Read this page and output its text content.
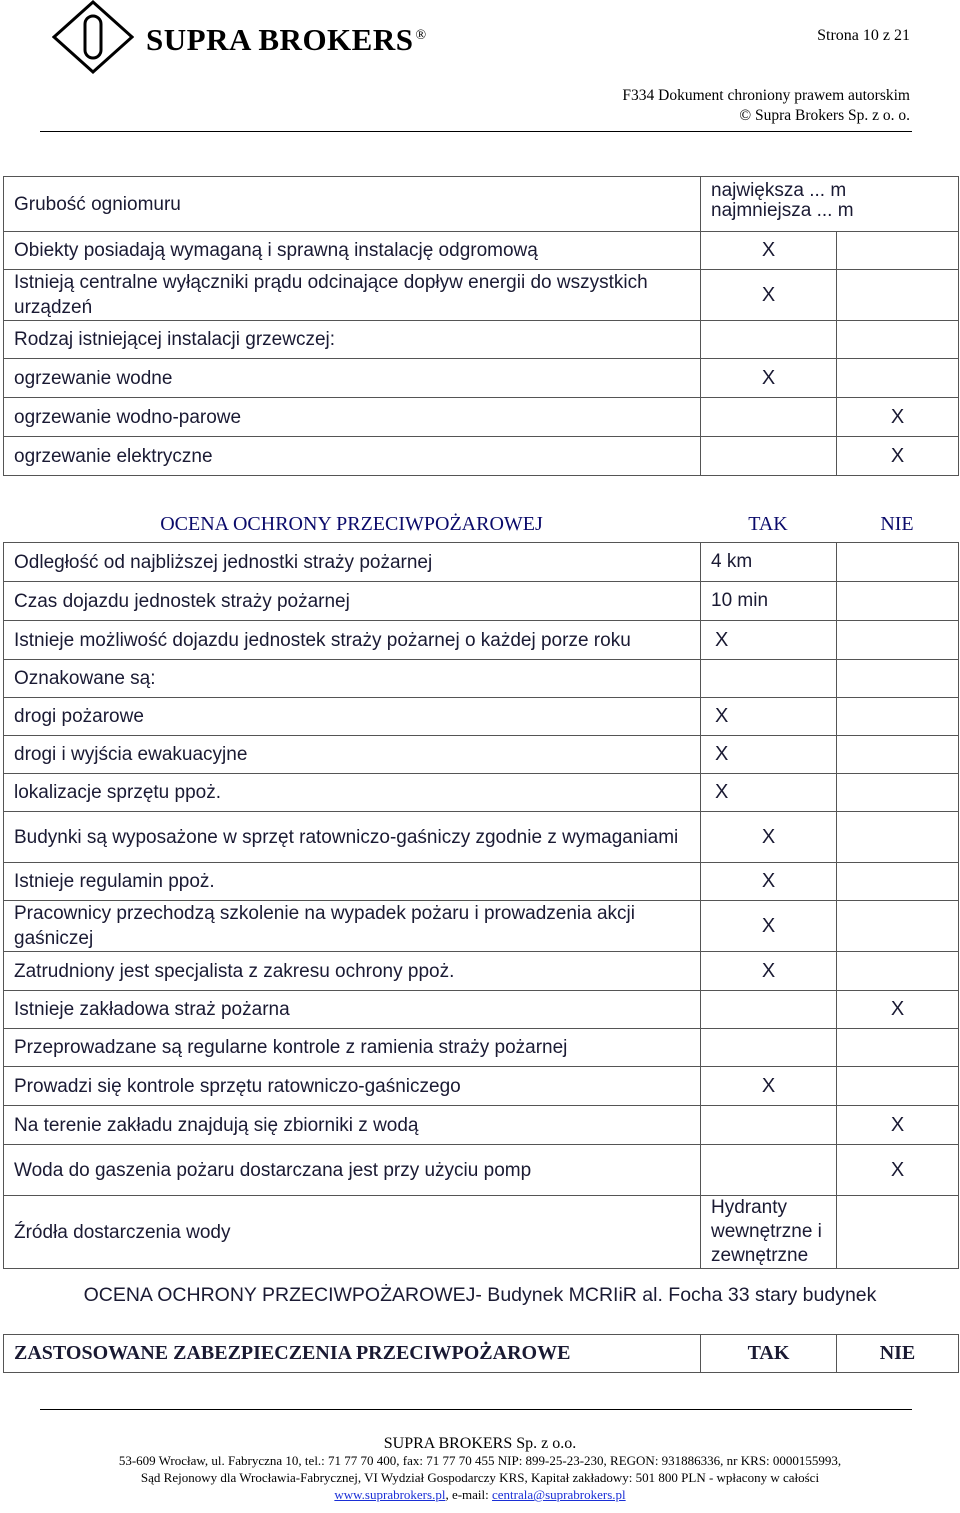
SUPRA BROKERS ®	Strona 10 z 21
F334 Dokument chroniony prawem autorskim
© Supra Brokers Sp. z o. o.
Grubość ogniomuru	największa ... m
najmniejsza ... m	
Obiekty posiadają wymaganą i sprawną instalację odgromową	X	
Istnieją centralne wyłączniki prądu odcinające dopływ energii do wszystkich urządzeń	X	
Rodzaj istniejącej instalacji grzewczej:		
ogrzewanie wodne	X	
ogrzewanie wodno-parowe		X
ogrzewanie elektryczne		X
OCENA OCHRONY PRZECIWPOŻAROWEJ	TAK	NIE
Odległość od najbliższej jednostki straży pożarnej	4 km	
Czas dojazdu jednostek straży pożarnej	10 min	
Istnieje możliwość dojazdu jednostek straży pożarnej o każdej porze roku	X	
Oznakowane są:		
drogi pożarowe	X	
drogi i wyjścia ewakuacyjne	X	
lokalizacje sprzętu ppoż.	X	
Budynki są wyposażone w sprzęt ratowniczo-gaśniczy zgodnie z wymaganiami	X	
Istnieje regulamin ppoż.	X	
Pracownicy przechodzą szkolenie na wypadek pożaru i prowadzenia akcji gaśniczej	X	
Zatrudniony jest specjalista z zakresu ochrony ppoż.	X	
Istnieje zakładowa straż pożarna		X
Przeprowadzane są regularne kontrole z ramienia straży pożarnej		
Prowadzi się kontrole sprzętu ratowniczo-gaśniczego	X	
Na terenie zakładu znajdują się zbiorniki z wodą		X
Woda do gaszenia pożaru dostarczana jest przy użyciu pomp		X
Źródła dostarczenia wody	Hydranty wewnętrzne i zewnętrzne	
OCENA OCHRONY PRZECIWPOŻAROWEJ- Budynek MCRIiR al. Focha 33 stary budynek
ZASTOSOWANE ZABEZPIECZENIA PRZECIWPOŻAROWE	TAK	NIE
SUPRA BROKERS Sp. z o.o.
53-609 Wrocław, ul. Fabryczna 10, tel.: 71 77 70 400, fax: 71 77 70 455 NIP: 899-25-23-230, REGON: 931886336, nr KRS: 0000155993,
Sąd Rejonowy dla Wrocławia-Fabrycznej, VI Wydział Gospodarczy KRS, Kapitał zakładowy: 501 800 PLN - wpłacony w całości
www.suprabrokers.pl, e-mail: centrala@suprabrokers.pl
